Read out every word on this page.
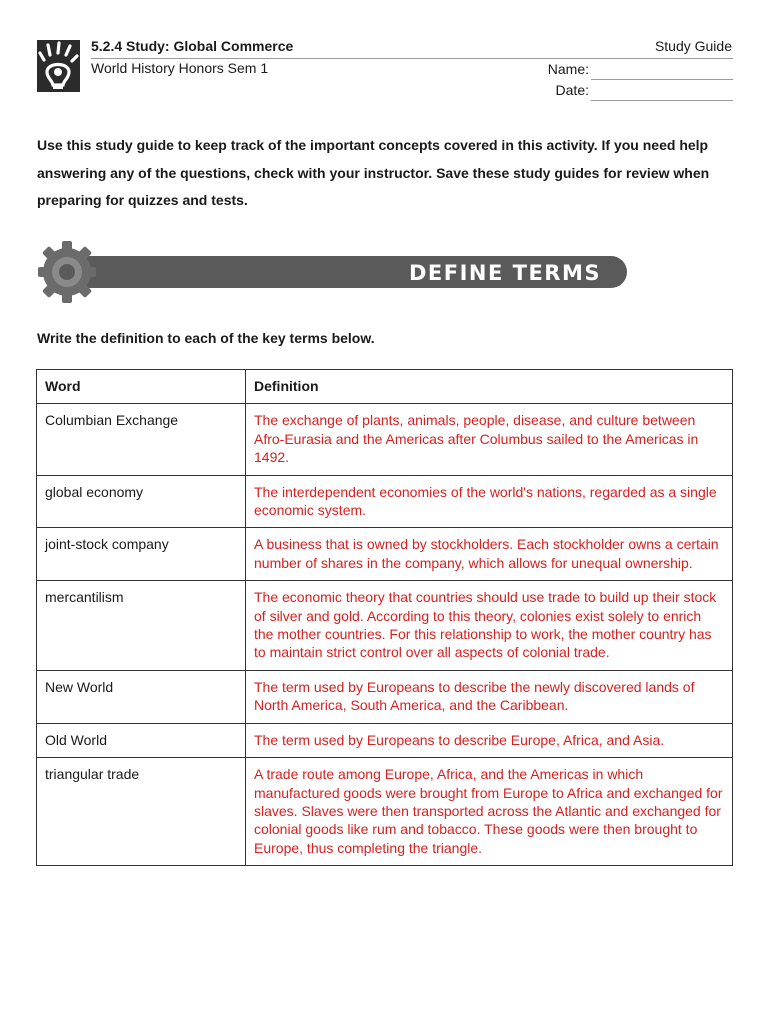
5.2.4 Study: Global Commerce
World History Honors Sem 1
Study Guide
Name:
Date:
Use this study guide to keep track of the important concepts covered in this activity. If you need help answering any of the questions, check with your instructor. Save these study guides for review when preparing for quizzes and tests.
DEFINE TERMS
Write the definition to each of the key terms below.
Word	Definition
Columbian Exchange	The exchange of plants, animals, people, disease, and culture between Afro-Eurasia and the Americas after Columbus sailed to the Americas in 1492.
global economy	The interdependent economies of the world's nations, regarded as a single economic system.
joint-stock company	A business that is owned by stockholders. Each stockholder owns a certain number of shares in the company, which allows for unequal ownership.
mercantilism	The economic theory that countries should use trade to build up their stock of silver and gold. According to this theory, colonies exist solely to enrich the mother countries. For this relationship to work, the mother country has to maintain strict control over all aspects of colonial trade.
New World	The term used by Europeans to describe the newly discovered lands of North America, South America, and the Caribbean.
Old World	The term used by Europeans to describe Europe, Africa, and Asia.
triangular trade	A trade route among Europe, Africa, and the Americas in which manufactured goods were brought from Europe to Africa and exchanged for slaves. Slaves were then transported across the Atlantic and exchanged for colonial goods like rum and tobacco. These goods were then brought to Europe, thus completing the triangle.
